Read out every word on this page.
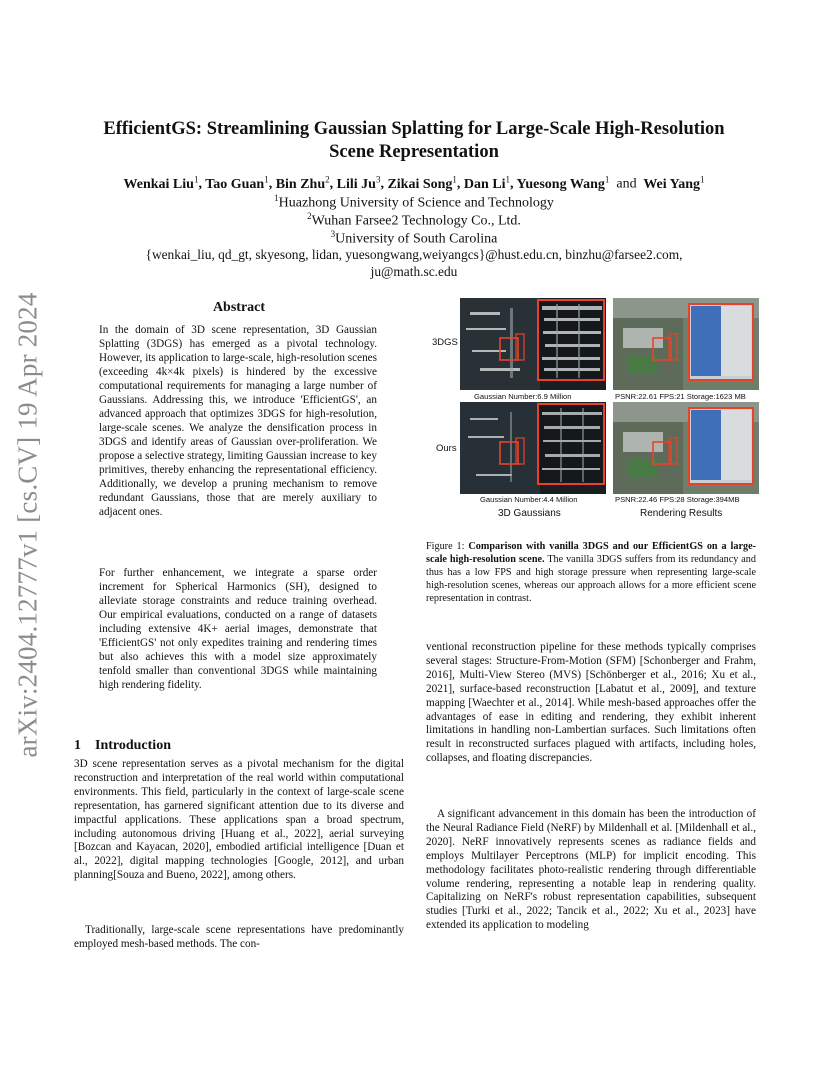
arXiv:2404.12777v1 [cs.CV] 19 Apr 2024
EfficientGS: Streamlining Gaussian Splatting for Large-Scale High-Resolution
Scene Representation
Wenkai Liu$^1$, Tao Guan$^1$, Bin Zhu$^2$, Lili Ju$^3$, Zikai Song$^1$, Dan Li$^1$, Yuesong Wang$^1$ and Wei Yang$^1$
$^1$Huazhong University of Science and Technology
$^2$Wuhan Farsee2 Technology Co., Ltd.
$^3$University of South Carolina
{wenkai_liu, qd_gt, skyesong, lidan, yuesongwang,weiyangcs}@hust.edu.cn, binzhu@farsee2.com,
ju@math.sc.edu
Abstract

In the domain of 3D scene representation, 3D Gaussian Splatting (3DGS) has emerged as a pivotal technology. However, its application to large-scale, high-resolution scenes (exceeding 4k×4k pixels) is hindered by the excessive computational requirements for managing a large number of Gaussians. Addressing this, we introduce 'EfficientGS', an advanced approach that optimizes 3DGS for high-resolution, large-scale scenes. We analyze the densification process in 3DGS and identify areas of Gaussian over-proliferation. We propose a selective strategy, limiting Gaussian increase to key primitives, thereby enhancing the representational efficiency. Additionally, we develop a pruning mechanism to remove redundant Gaussians, those that are merely auxiliary to adjacent ones.

For further enhancement, we integrate a sparse order increment for Spherical Harmonics (SH), designed to alleviate storage constraints and reduce training overhead. Our empirical evaluations, conducted on a range of datasets including extensive 4K+ aerial images, demonstrate that 'EfficientGS' not only expedites training and rendering times but also achieves this with a model size approximately tenfold smaller than conventional 3DGS while maintaining high rendering fidelity.

1 Introduction

3D scene representation serves as a pivotal mechanism for the digital reconstruction and interpretation of the real world within computational environments. This field, particularly in the context of large-scale scene representation, has garnered significant attention due to its diverse and impactful applications. These applications span a broad spectrum, including autonomous driving [Huang et al., 2022], aerial surveying [Bozcan and Kayacan, 2020], embodied artificial intelligence [Duan et al., 2022], digital mapping technologies [Google, 2012], and urban planning[Souza and Bueno, 2022], among others.

Traditionally, large-scale scene representations have predominantly employed mesh-based methods. The con-

3DGS
Ours
Gaussian Number:6.9 Million	PSNR:22.61 FPS:21 Storage:1623 MB
Gaussian Number:4.4 Million	PSNR:22.46 FPS:28 Storage:394MB
3D Gaussians	Rendering Results

Figure 1: Comparison with vanilla 3DGS and our EfficientGS on a large-scale high-resolution scene. The vanilla 3DGS suffers from its redundancy and thus has a low FPS and high storage pressure when representing large-scale high-resolution scenes, whereas our approach allows for a more efficient scene representation in contrast.

ventional reconstruction pipeline for these methods typically comprises several stages: Structure-From-Motion (SFM) [Schonberger and Frahm, 2016], Multi-View Stereo (MVS) [Schönberger et al., 2016; Xu et al., 2021], surface-based reconstruction [Labatut et al., 2009], and texture mapping [Waechter et al., 2014]. While mesh-based approaches offer the advantages of ease in editing and rendering, they exhibit inherent limitations in handling non-Lambertian surfaces. Such limitations often result in reconstructed surfaces plagued with artifacts, including holes, collapses, and floating discrepancies.

A significant advancement in this domain has been the introduction of the Neural Radiance Field (NeRF) by Mildenhall et al. [Mildenhall et al., 2020]. NeRF innovatively represents scenes as radiance fields and employs Multilayer Perceptrons (MLP) for implicit encoding. This methodology facilitates photo-realistic rendering through differentiable volume rendering, representing a notable leap in rendering quality. Capitalizing on NeRF's robust representation capabilities, subsequent studies [Turki et al., 2022; Tancik et al., 2022; Xu et al., 2023] have extended its application to modeling
